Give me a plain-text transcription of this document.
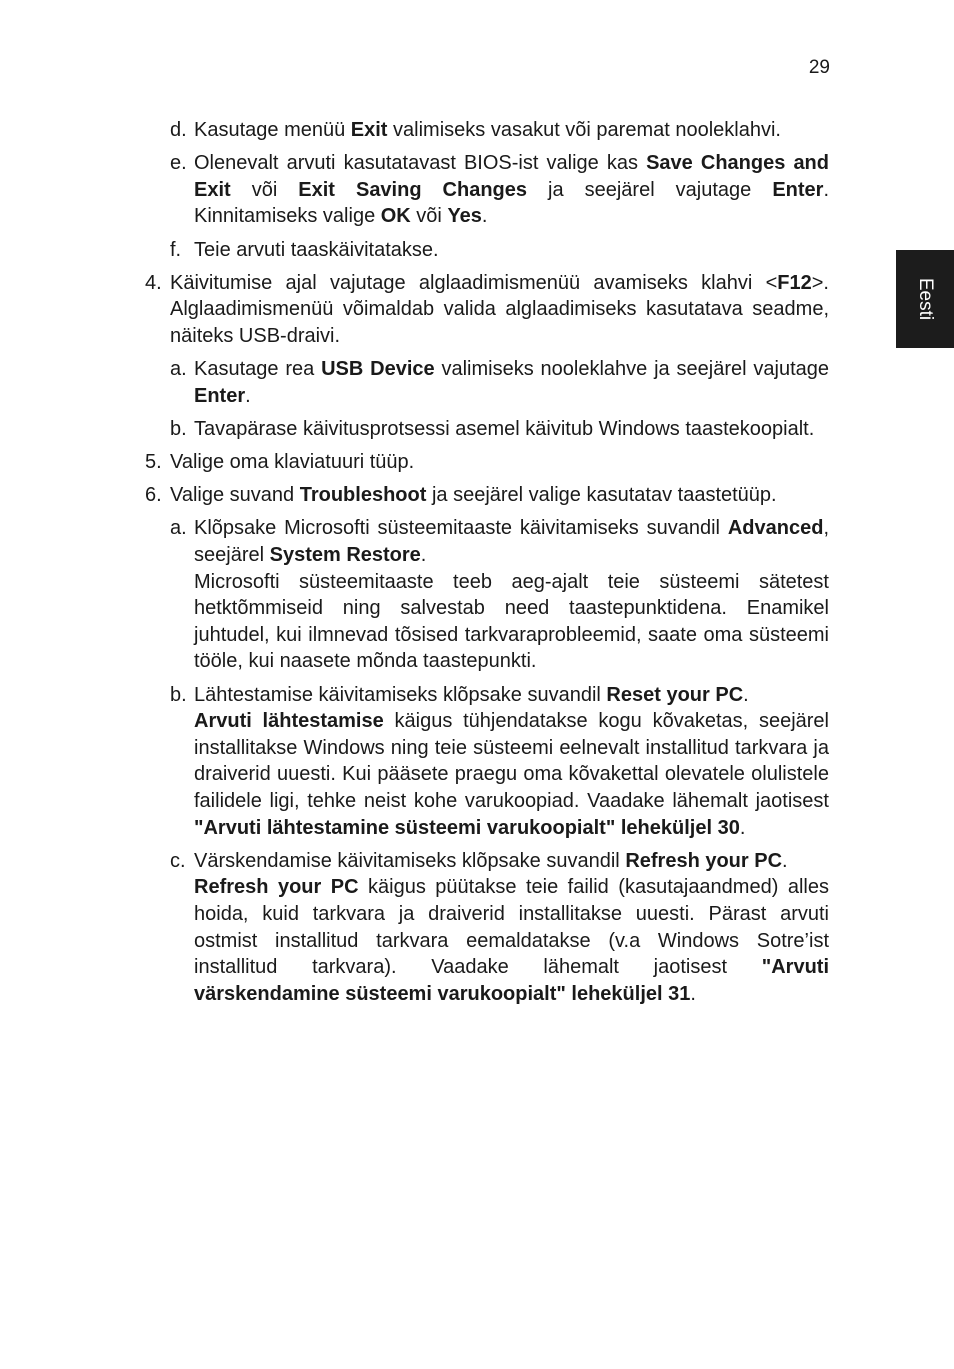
29
Eesti
d. Kasutage menüü Exit valimiseks vasakut või paremat nooleklahvi.

e. Olenevalt arvuti kasutatavast BIOS-ist valige kas Save Changes and Exit või Exit Saving Changes ja seejärel vajutage Enter. Kinnitamiseks valige OK või Yes.

f. Teie arvuti taaskäivitatakse.

4. Käivitumise ajal vajutage alglaadimismenüü avamiseks klahvi <F12>. Alglaadimismenüü võimaldab valida alglaadimiseks kasutatava seadme, näiteks USB-draivi.

a. Kasutage rea USB Device valimiseks nooleklahve ja seejärel vajutage Enter.

b. Tavapärase käivitusprotsessi asemel käivitub Windows taastekoopialt.

5. Valige oma klaviatuuri tüüp.

6. Valige suvand Troubleshoot ja seejärel valige kasutatav taastetüüp.

a. Klõpsake Microsofti süsteemitaaste käivitamiseks suvandil Advanced, seejärel System Restore.

Microsofti süsteemitaaste teeb aeg-ajalt teie süsteemi sätetest hetktõmmiseid ning salvestab need taastepunktidena. Enamikel juhtudel, kui ilmnevad tõsised tarkvaraprobleemid, saate oma süsteemi tööle, kui naasete mõnda taastepunkti.

b. Lähtestamise käivitamiseks klõpsake suvandil Reset your PC.

Arvuti lähtestamise käigus tühjendatakse kogu kõvaketas, seejärel installitakse Windows ning teie süsteemi eelnevalt installitud tarkvara ja draiverid uuesti. Kui pääsete praegu oma kõvakettal olevatele olulistele failidele ligi, tehke neist kohe varukoopiad. Vaadake lähemalt jaotisest "Arvuti lähtestamine süsteemi varukoopialt" leheküljel 30.

c. Värskendamise käivitamiseks klõpsake suvandil Refresh your PC.

Refresh your PC käigus püütakse teie failid (kasutajaandmed) alles hoida, kuid tarkvara ja draiverid installitakse uuesti. Pärast arvuti ostmist installitud tarkvara eemaldatakse (v.a Windows Sotre’ist installitud tarkvara). Vaadake lähemalt jaotisest "Arvuti värskendamine süsteemi varukoopialt" leheküljel 31.
